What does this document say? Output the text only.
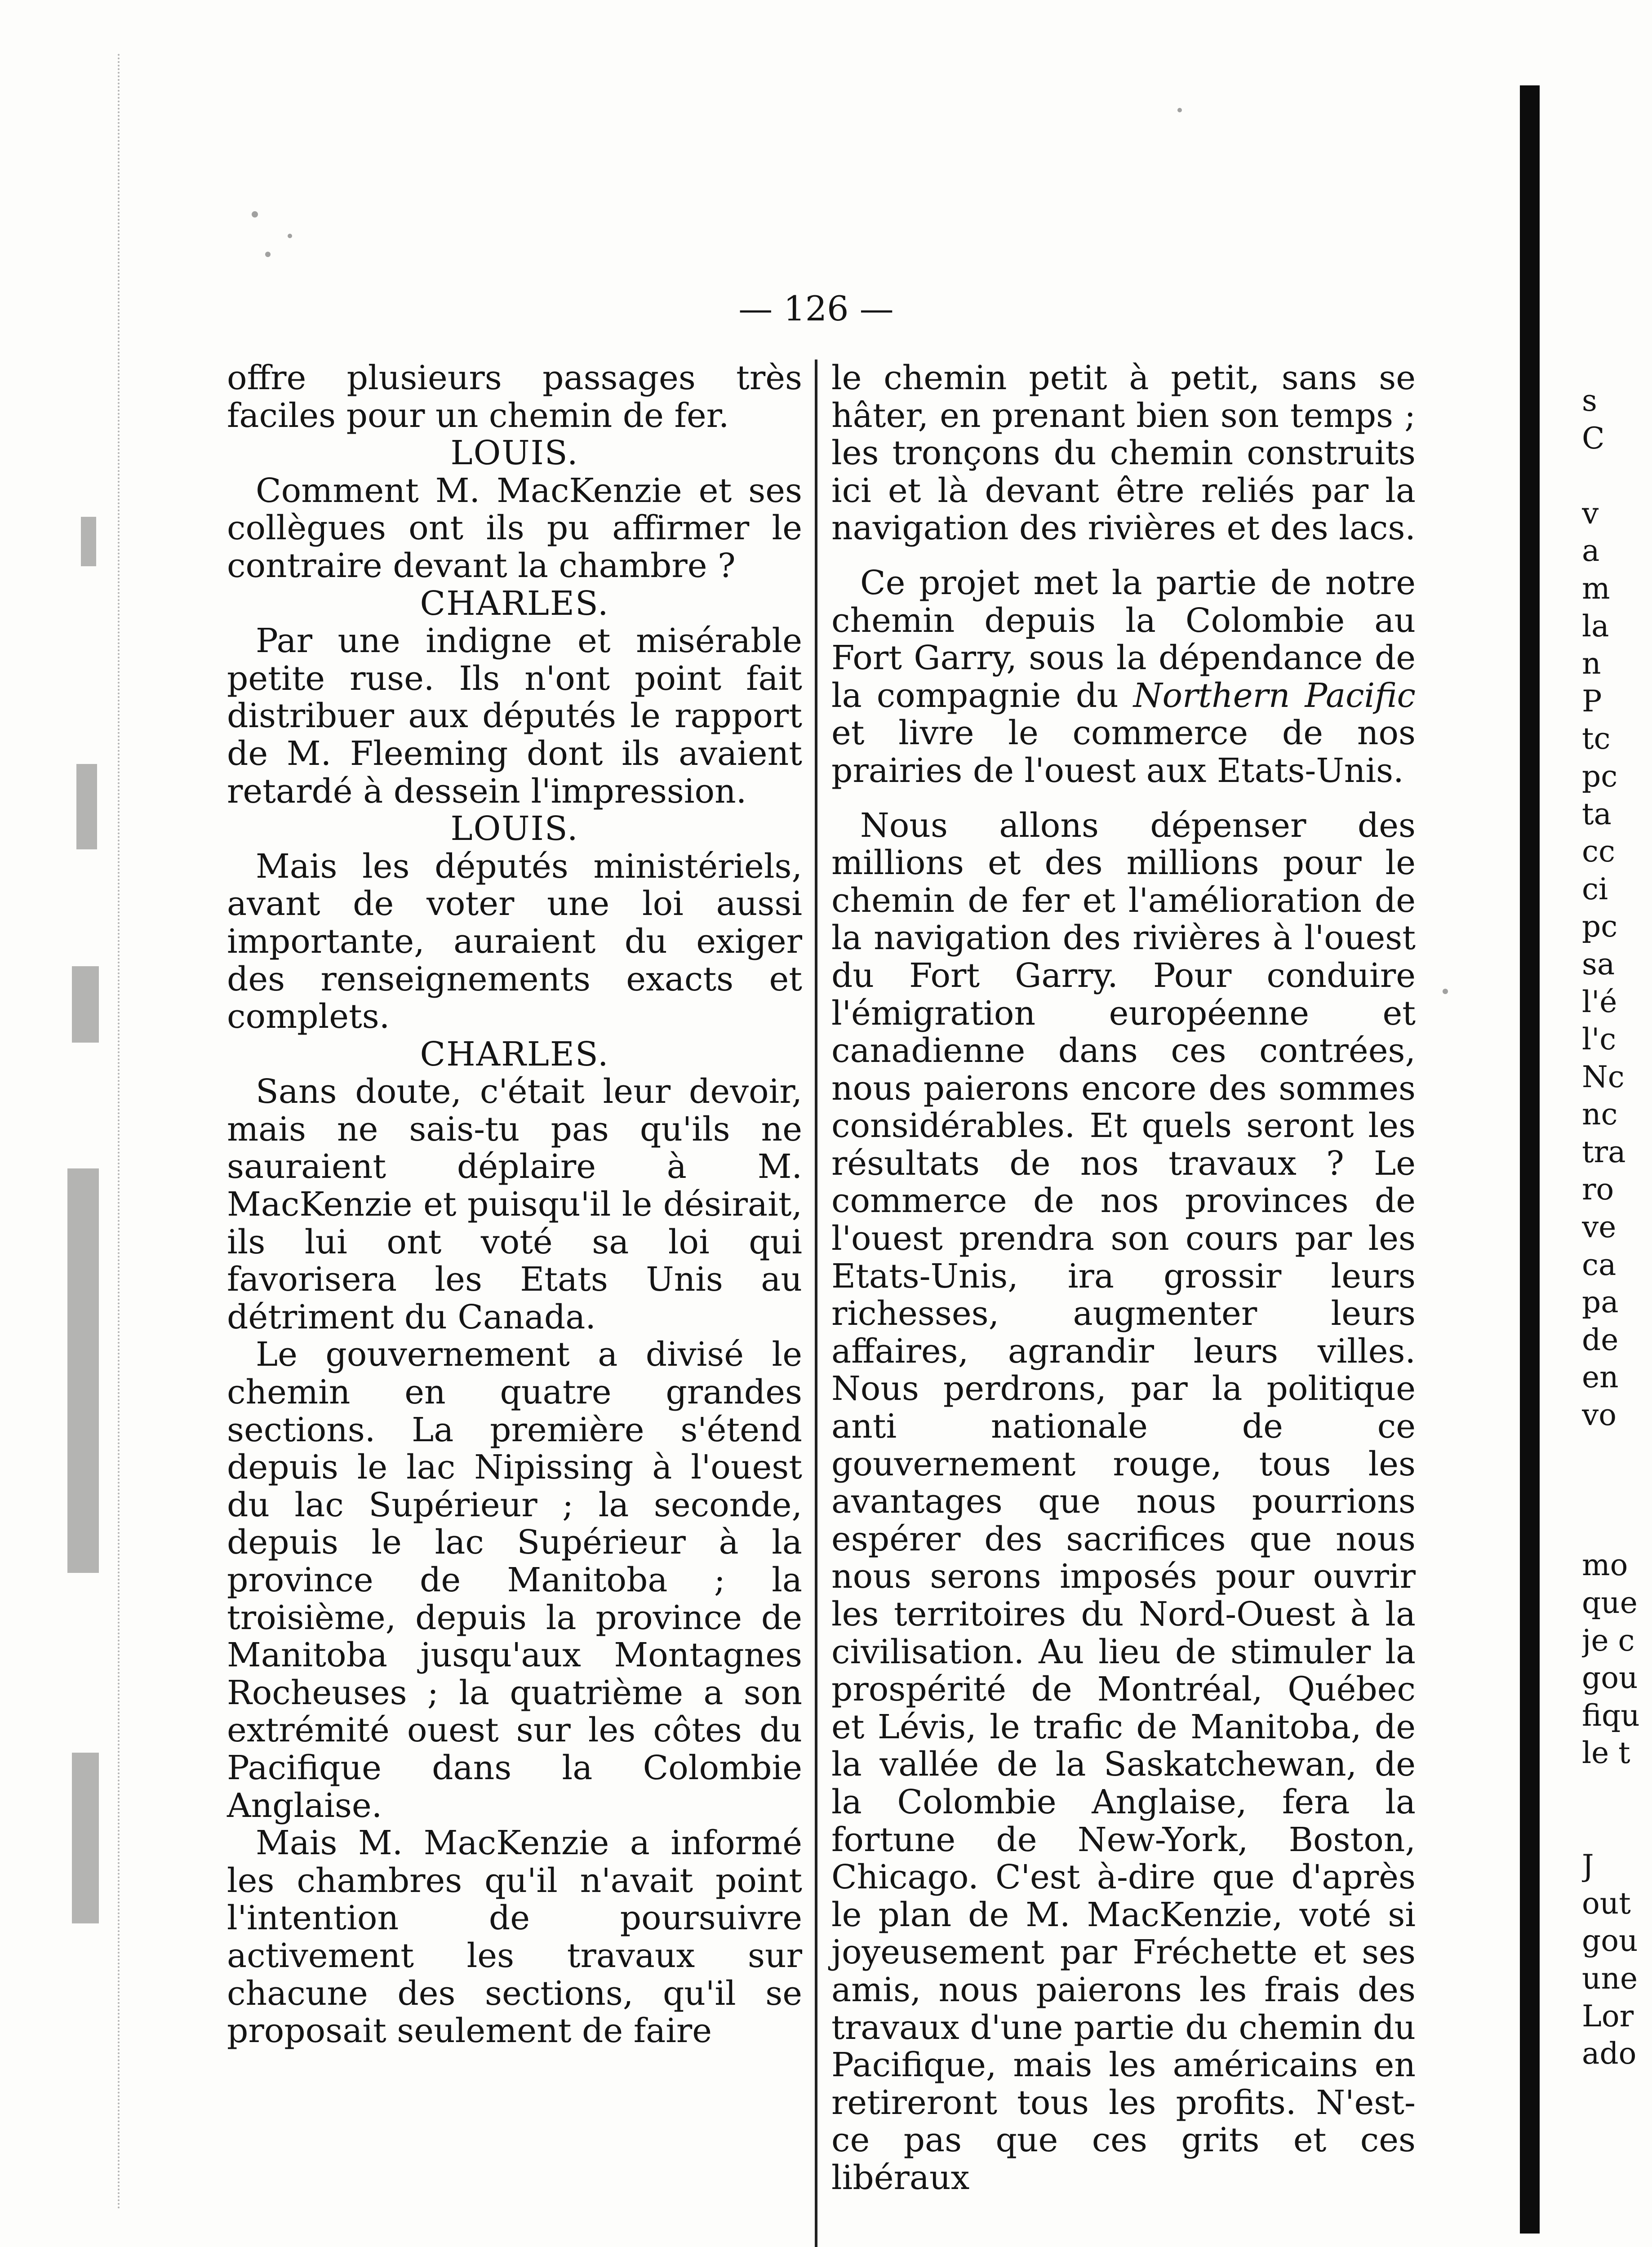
— 126 —

offre plusieurs passages très faciles pour un chemin de fer.

LOUIS.

Comment M. MacKenzie et ses collègues ont ils pu affirmer le contraire devant la chambre ?

CHARLES.

Par une indigne et misérable petite ruse. Ils n'ont point fait distribuer aux députés le rapport de M. Fleeming dont ils avaient retardé à dessein l'impression.

LOUIS.

Mais les députés ministériels, avant de voter une loi aussi importante, auraient du exiger des renseignements exacts et complets.

CHARLES.

Sans doute, c'était leur devoir, mais ne sais-tu pas qu'ils ne sauraient déplaire à M. MacKenzie et puisqu'il le désirait, ils lui ont voté sa loi qui favorisera les Etats Unis au détriment du Canada.

Le gouvernement a divisé le chemin en quatre grandes sections. La première s'étend depuis le lac Nipissing à l'ouest du lac Supérieur ; la seconde, depuis le lac Supérieur à la province de Manitoba ; la troisième, depuis la province de Manitoba jusqu'aux Montagnes Rocheuses ; la quatrième a son extrémité ouest sur les côtes du Pacifique dans la Colombie Anglaise.

Mais M. MacKenzie a informé les chambres qu'il n'avait point l'intention de poursuivre activement les travaux sur chacune des sections, qu'il se proposait seulement de faire

le chemin petit à petit, sans se hâter, en prenant bien son temps ; les tronçons du chemin construits ici et là devant être reliés par la navigation des rivières et des lacs.

Ce projet met la partie de notre chemin depuis la Colombie au Fort Garry, sous la dépendance de la compagnie du Northern Pacific et livre le commerce de nos prairies de l'ouest aux Etats-Unis.

Nous allons dépenser des millions et des millions pour le chemin de fer et l'amélioration de la navigation des rivières à l'ouest du Fort Garry. Pour conduire l'émigration européenne et canadienne dans ces contrées, nous paierons encore des sommes considérables. Et quels seront les résultats de nos travaux ? Le commerce de nos provinces de l'ouest prendra son cours par les Etats-Unis, ira grossir leurs richesses, augmenter leurs affaires, agrandir leurs villes. Nous perdrons, par la politique anti nationale de ce gouvernement rouge, tous les avantages que nous pourrions espérer des sacrifices que nous nous serons imposés pour ouvrir les territoires du Nord-Ouest à la civilisation. Au lieu de stimuler la prospérité de Montréal, Québec et Lévis, le trafic de Manitoba, de la vallée de la Saskatchewan, de la Colombie Anglaise, fera la fortune de New-York, Boston, Chicago. C'est à-dire que d'après le plan de M. MacKenzie, voté si joyeusement par Fréchette et ses amis, nous paierons les frais des travaux d'une partie du chemin du Pacifique, mais les américains en retireront tous les profits. N'est-ce pas que ces grits et ces libéraux

s
C

v
a
m
la
n
P
tc
pc
ta
cc
ci
pc
sa
l'é
l'c
Nc
nc
tra
ro
ve
ca
pa
de
en
vo

mo
que
je c
gou
fiqu
le t

J
out
gou
une
Lor
ado
